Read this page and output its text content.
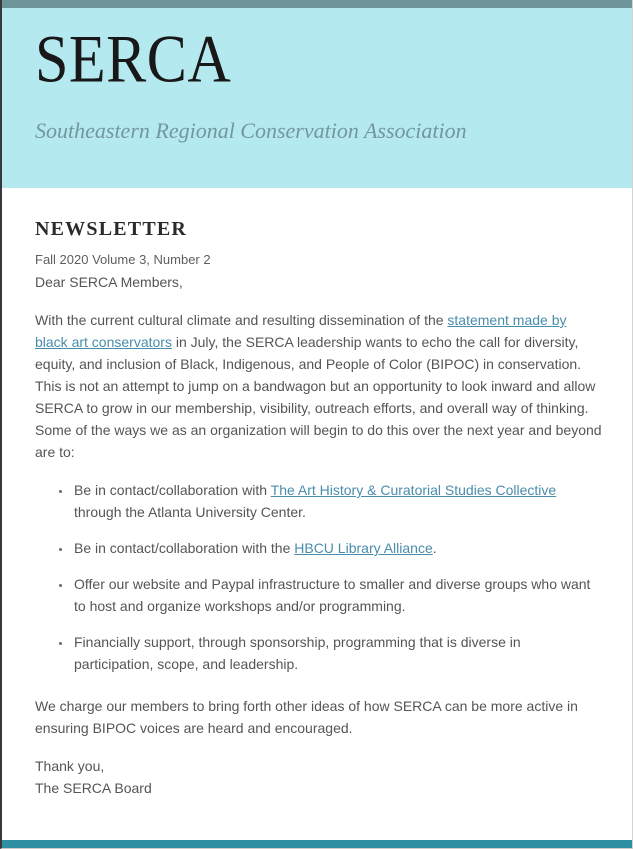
SERCA

Southeastern Regional Conservation Association

NEWSLETTER

Fall 2020 Volume 3, Number 2

Dear SERCA Members,

With the current cultural climate and resulting dissemination of the statement made by black art conservators in July, the SERCA leadership wants to echo the call for diversity, equity, and inclusion of Black, Indigenous, and People of Color (BIPOC) in conservation. This is not an attempt to jump on a bandwagon but an opportunity to look inward and allow SERCA to grow in our membership, visibility, outreach efforts, and overall way of thinking. Some of the ways we as an organization will begin to do this over the next year and beyond are to:

• Be in contact/collaboration with The Art History & Curatorial Studies Collective through the Atlanta University Center.
• Be in contact/collaboration with the HBCU Library Alliance.
• Offer our website and Paypal infrastructure to smaller and diverse groups who want to host and organize workshops and/or programming.
• Financially support, through sponsorship, programming that is diverse in participation, scope, and leadership.

We charge our members to bring forth other ideas of how SERCA can be more active in ensuring BIPOC voices are heard and encouraged.

Thank you,
The SERCA Board
